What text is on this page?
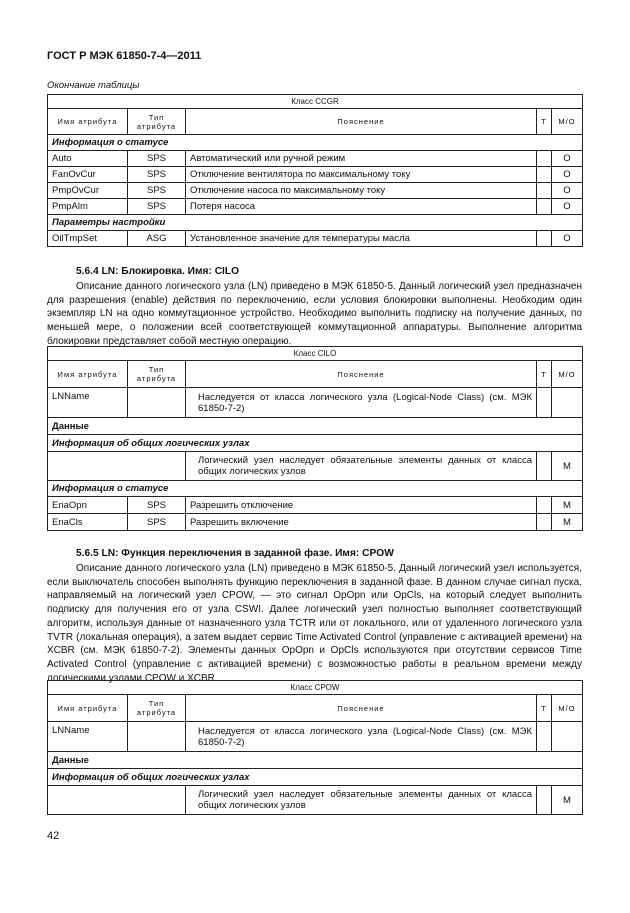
ГОСТ Р МЭК 61850-7-4—2011
Окончание таблицы
Класс CCGR				
Имя атрибута	Тип атрибута	Пояснение	T	M/O
Информация о статусе				
Auto	SPS	Автоматический или ручной режим		O
FanOvCur	SPS	Отключение вентилятора по максимальному току		O
PmpOvCur	SPS	Отключение насоса по максимальному току		O
PmpAlm	SPS	Потеря насоса		O
Параметры настройки				
OilTmpSet	ASG	Установленное значение для температуры масла		O
5.6.4 LN: Блокировка. Имя: CILO
Описание данного логического узла (LN) приведено в МЭК 61850-5. Данный логический узел предназначен для разрешения (enable) действия по переключению, если условия блокировки выполнены. Необходим один экземпляр LN на одно коммутационное устройство. Необходимо выполнить подписку на получение данных, по меньшей мере, о положении всей соответствующей коммутационной аппаратуры. Выполнение алгоритма блокировки представляет собой местную операцию.
Класс CILO				
Имя атрибута	Тип атрибута	Пояснение	T	M/O
LNName		Наследуется от класса логического узла (Logical-Node Class) (см. МЭК 61850-7-2)		
Данные				
Информация об общих логических узлах				
		Логический узел наследует обязательные элементы данных от класса общих логических узлов		M
Информация о статусе				
EnaOpn	SPS	Разрешить отключение		M
EnaCls	SPS	Разрешить включение		M
5.6.5 LN: Функция переключения в заданной фазе. Имя: CPOW
Описание данного логического узла (LN) приведено в МЭК 61850-5. Данный логический узел используется, если выключатель способен выполнять функцию переключения в заданной фазе. В данном случае сигнал пуска, направляемый на логический узел CPOW, — это сигнал OpOpn или OpCls, на который следует выполнить подписку для получения его от узла CSWI. Далее логический узел полностью выполняет соответствующий алгоритм, используя данные от назначенного узла TCTR или от локального, или от удаленного логического узла TVTR (локальная операция), а затем выдает сервис Time Activated Control (управление с активацией времени) на XCBR (см. МЭК 61850-7-2). Элементы данных OpOpn и OpCls используются при отсутствии сервисов Time Activated Control (управление с активацией времени) с возможностью работы в реальном времени между логическими узлами CPOW и XCBR.
Класс CPOW				
Имя атрибута	Тип атрибута	Пояснение	T	M/O
LNName		Наследуется от класса логического узла (Logical-Node Class) (см. МЭК 61850-7-2)		
Данные				
Информация об общих логических узлах				
		Логический узел наследует обязательные элементы данных от класса общих логических узлов		M
42
